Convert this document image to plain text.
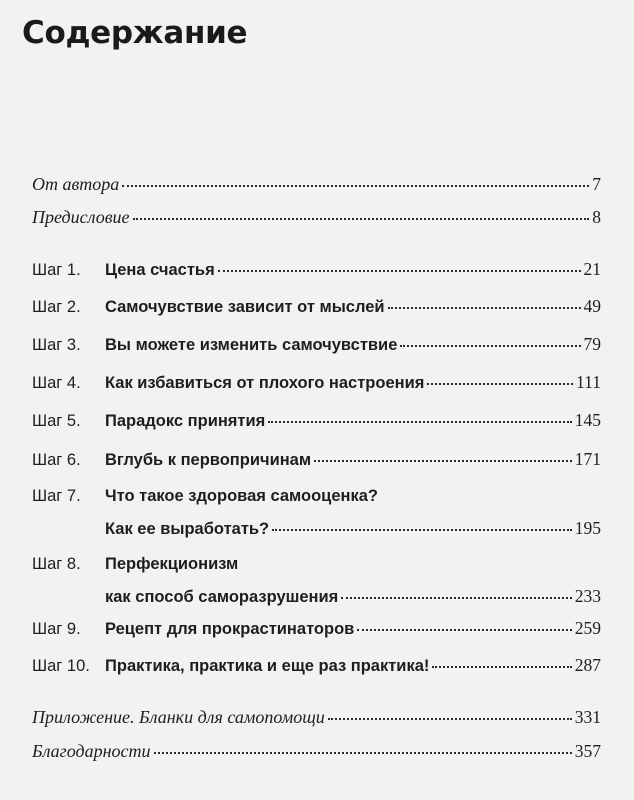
Содержание
От автора	7
Предисловие	8
Шаг 1.	Цена счастья	21
Шаг 2.	Самочувствие зависит от мыслей	49
Шаг 3.	Вы можете изменить самочувствие	79
Шаг 4.	Как избавиться от плохого настроения	111
Шаг 5.	Парадокс принятия	145
Шаг 6.	Вглубь к первопричинам	171
Шаг 7.	Что такое здоровая самооценка?
Как ее выработать?	195
Шаг 8.	Перфекционизм
как способ саморазрушения	233
Шаг 9.	Рецепт для прокрастинаторов	259
Шаг 10. Практика, практика и еще раз практика!	287
Приложение. Бланки для самопомощи	331
Благодарности	357
